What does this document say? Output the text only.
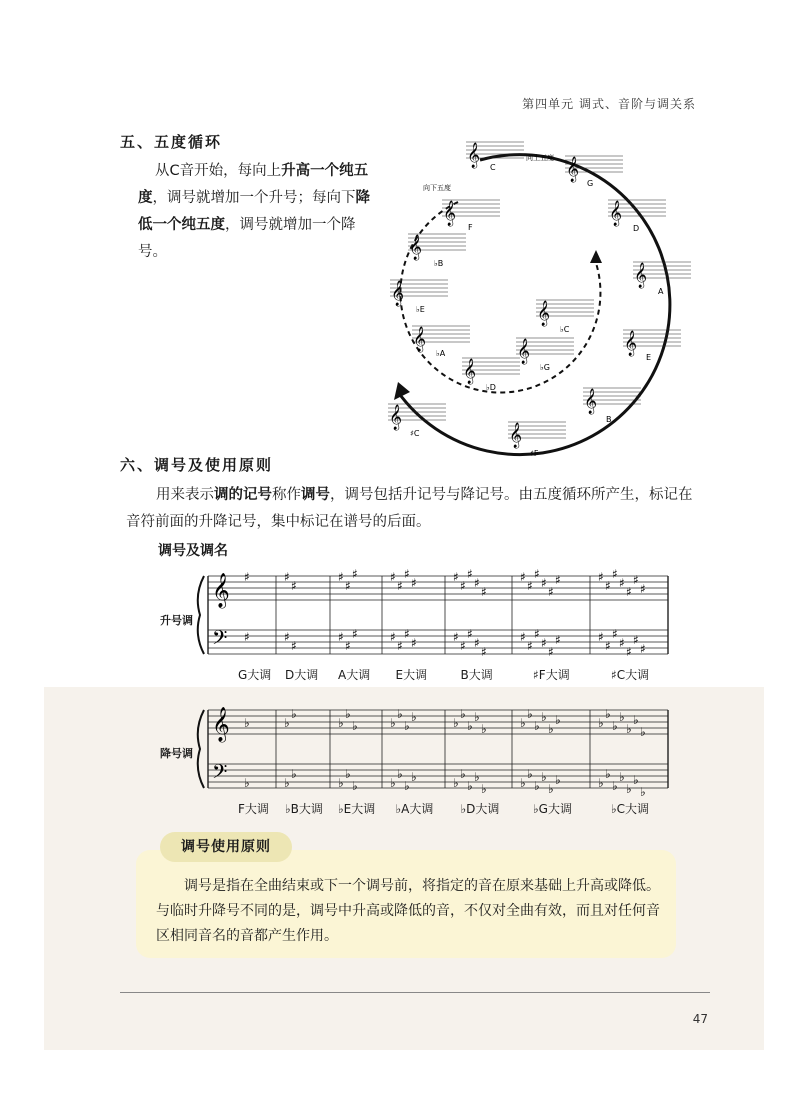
第四单元 调式、音阶与调关系
五、五度循环
从C音开始，每向上升高一个纯五度，调号就增加一个升号；每向下降低一个纯五度，调号就增加一个降号。
向上五度
向下五度
𝄞 C	𝄞
G
𝄞
D
𝄞
A
𝄞
E
𝄞
B
𝄞
♯F
𝄞
♯C
𝄞
F
𝄞
♭B
𝄞
♭E
𝄞
♭A
𝄞
♭D
𝄞
♭G
𝄞
♭C
六、调号及使用原则
用来表示调的记号称作调号，调号包括升记号与降记号。由五度循环所产生，标记在音符前面的升降记号，集中标记在谱号的后面。
调号及调名
升号调
𝄞
𝄢
♯
♯
♯
♯
♯
♯
♯
♯
♯
♯
♯
♯
♯
♯
♯
♯
♯
♯
♯
♯
♯
♯
♯
♯
♯
♯
♯
♯
♯
♯
♯
♯
♯
♯
♯
♯
♯
♯
♯
♯
♯
♯
♯
♯
♯
♯
♯
♯
♯
♯
♯
♯
♯
♯
♯
♯
G大调 D大调 A大调 E大调	B大调	♯F大调	♯C大调
降号调
𝄞
𝄢
♭
♭
♭
♭
♭
♭
♭
♭
♭
♭
♭
♭
♭
♭
♭
♭
♭
♭
♭
♭
♭
♭
♭
♭
♭
♭
♭
♭
♭
♭
♭
♭
♭
♭
♭
♭
♭
♭
♭
♭
♭
♭
♭
♭
♭
♭
♭
♭
♭
♭
♭
♭
♭
♭
♭
♭
F大调 ♭B大调 ♭E大调 ♭A大调 ♭D大调	♭G大调	♭C大调
调号是指在全曲结束或下一个调号前，将指定的音在原来基础上升高或降低。与临时升降号不同的是，调号中升高或降低的音，不仅对全曲有效，而且对任何音区相同音名的音都产生作用。
调号使用原则
47
